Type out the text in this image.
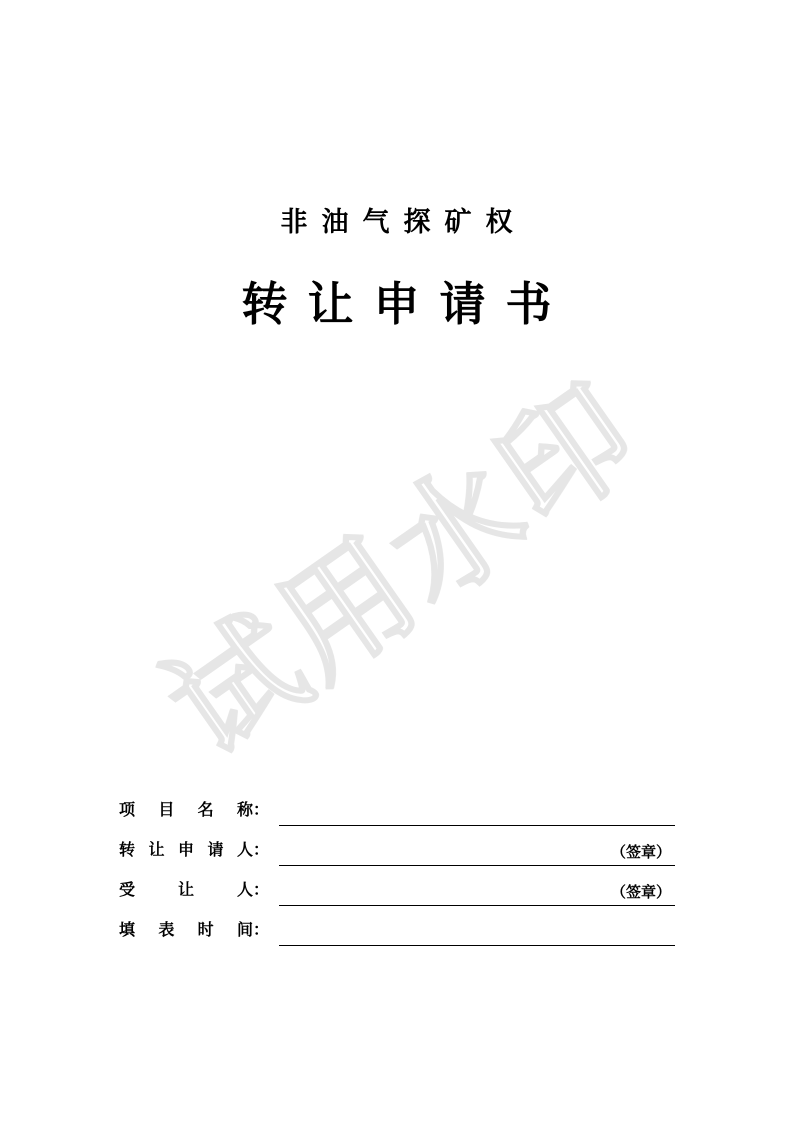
试用水印
非油气探矿权
转让申请书
项 目 名 称：
转 让 申 请 人：	（签章）
受 让 人：	（签章）
填 表 时 间：
